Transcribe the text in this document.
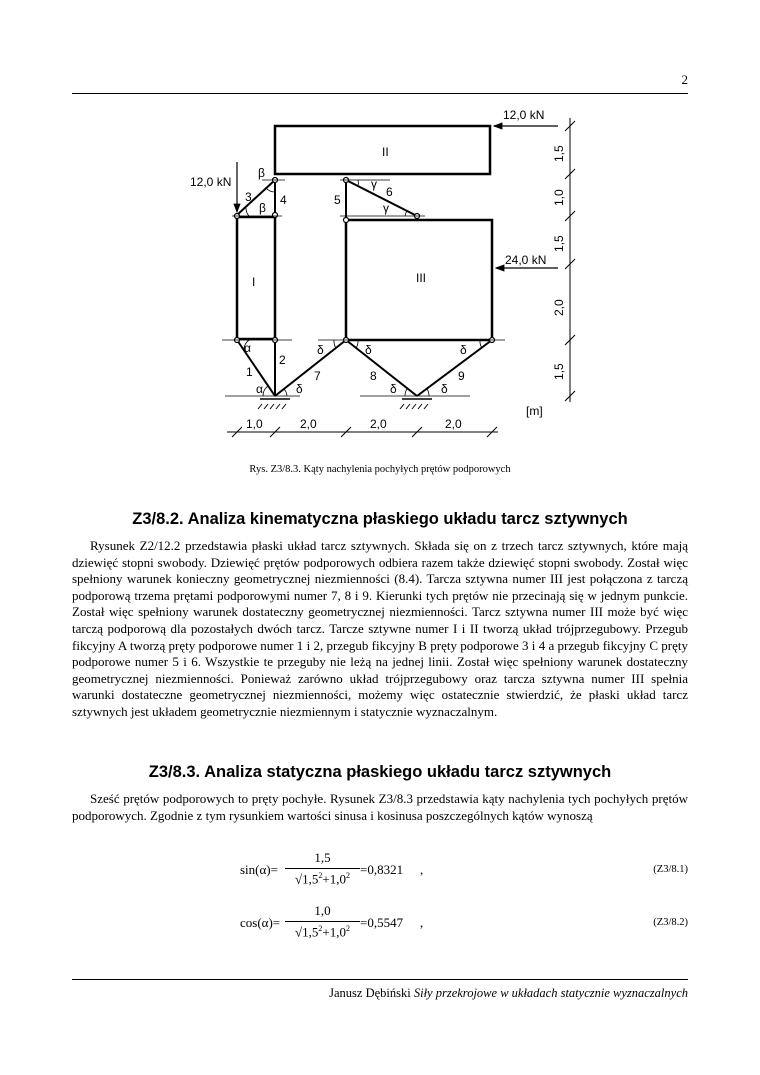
2
12,0 kN
12,0 kN
24,0 kN
II
I	III
1
2
3 4	5
6
7	8	9
α
α
β
β
γ
γ
δ	δ	δ
δ	δ	δ
1,5
1,0
1,5
2,0
1,5
1,0	2,0	2,0	2,0
[m]
Rys. Z3/8.3. Kąty nachylenia pochyłych prętów podporowych
Z3/8.2. Analiza kinematyczna płaskiego układu tarcz sztywnych

Rysunek Z2/12.2 przedstawia płaski układ tarcz sztywnych. Składa się on z trzech tarcz sztywnych, które mają dziewięć stopni swobody. Dziewięć prętów podporowych odbiera razem także dziewięć stopni swobody. Został więc spełniony warunek konieczny geometrycznej niezmienności (8.4). Tarcza sztywna numer III jest połączona z tarczą podporową trzema prętami podporowymi numer 7, 8 i 9. Kierunki tych prętów nie przecinają się w jednym punkcie. Został więc spełniony warunek dostateczny geometrycznej niezmienności. Tarcz sztywna numer III może być więc tarczą podporową dla pozostałych dwóch tarcz. Tarcze sztywne numer I i II tworzą układ trójprzegubowy. Przegub fikcyjny A tworzą pręty podporowe numer 1 i 2, przegub fikcyjny B pręty podporowe 3 i 4 a przegub fikcyjny C pręty podporowe numer 5 i 6. Wszystkie te przeguby nie leżą na jednej linii. Został więc spełniony warunek dostateczny geometrycznej niezmienności. Ponieważ zarówno układ trójprzegubowy oraz tarcza sztywna numer III spełnia warunki dostateczne geometrycznej niezmienności, możemy więc ostatecznie stwierdzić, że płaski układ tarcz sztywnych jest układem geometrycznie niezmiennym i statycznie wyznaczalnym.

Z3/8.3. Analiza statyczna płaskiego układu tarcz sztywnych

Sześć prętów podporowych to pręty pochyłe. Rysunek Z3/8.3 przedstawia kąty nachylenia tych pochyłych prętów podporowych. Zgodnie z tym rysunkiem wartości sinusa i kosinusa poszczególnych kątów wynoszą

sin(α)=
1,5
$√1,5^2+1,0^2 =0,8321$ ,	(Z3/8.1)
cos(α)=
1,0
$√1,5^2+1,0^2 =0,5547$ ,	(Z3/8.2)
Janusz Dębiński Siły przekrojowe w układach statycznie wyznaczalnych
